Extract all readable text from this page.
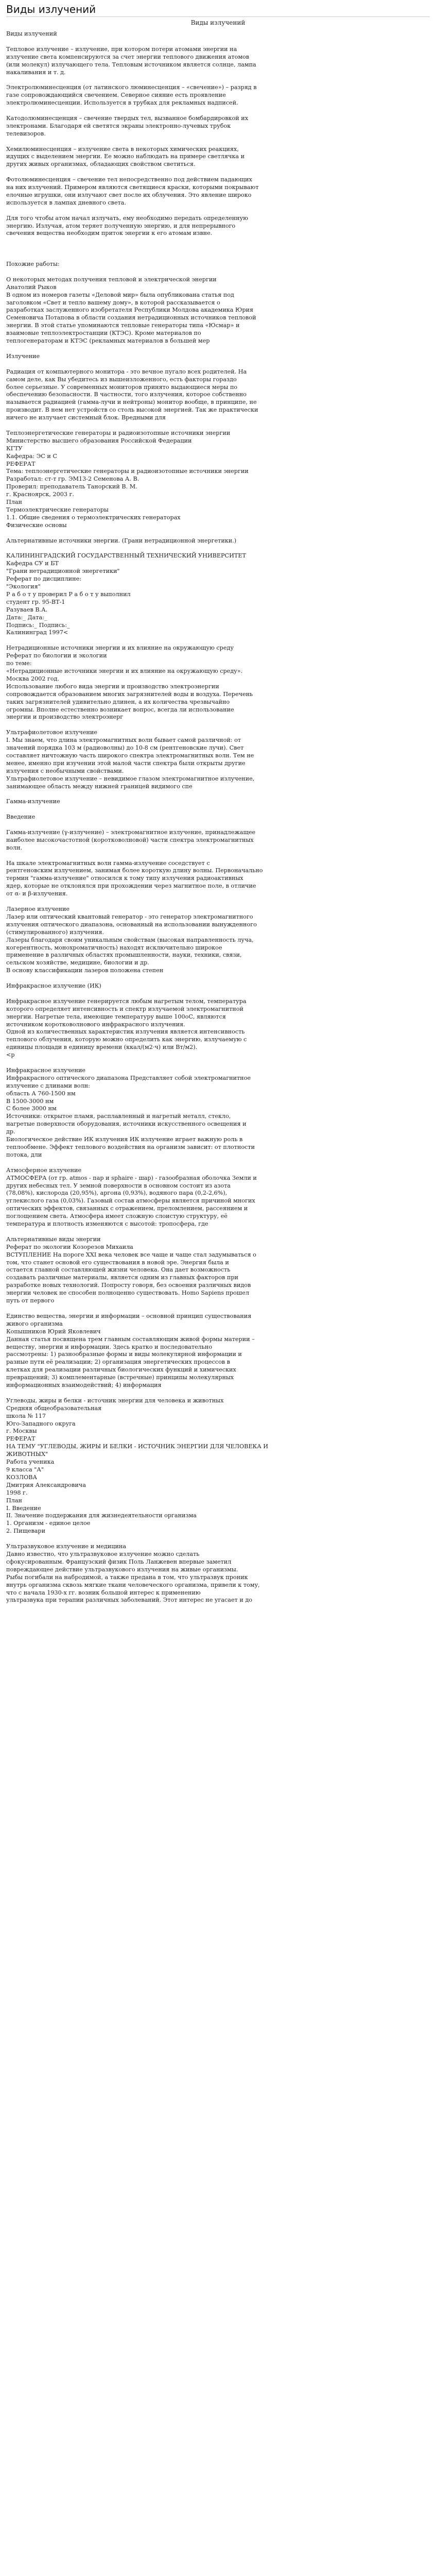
Виды излучений
Виды излучений
Виды излучений
Тепловое излучение – излучение, при котором потери атомами энергии на
излучение света компенсируются за счет энергии теплового движения атомов
(или молекул) излучающего тела. Тепловым источником является солнце, лампа
накаливания и т. д.
Электролюминесценция (от латинского люминесценция – «свечение») – разряд в
газе сопровождающийся свечением. Северное сияние есть проявление
электролюминесценции. Используется в трубках для рекламных надписей.
Катодолюминесценция – свечение твердых тел, вызванное бомбардировкой их
электронами. Благодаря ей светятся экраны электронно-лучевых трубок
телевизоров.
Хемилюминесценция – излучение света в некоторых химических реакциях,
идущих с выделением энергии. Ее можно наблюдать на примере светлячка и
других живых организмах, обладающих свойством светиться.
Фотолюминесценция – свечение тел непосредственно под действием падающих
на них излучений. Примером являются светящиеся краски, которыми покрывают
елочные игрушки, они излучают свет после их облучения. Это явление широко
используется в лампах дневного света.
Для того чтобы атом начал излучать, ему необходимо передать определенную
энергию. Излучая, атом теряет полученную энергию, и для непрерывного
свечения вещества необходим приток энергии к его атомам извне.
Похожие работы:
О некоторых методах получения тепловой и электрической энергии
Анатолий Рыков
В одном из номеров газеты «Деловой мир» была опубликована статья под
заголовком «Свет и тепло вашему дому», в которой рассказывается о
разработках заслуженного изобретателя Республики Молдова академика Юрия
Семеновича Потапова в области создания нетрадиционных источников тепловой
энергии. В этой статье упоминаются тепловые генераторы типа «Юсмар» и
взаимовые теплоэлектростанции (КТЭС). Кроме материалов по
теплогенераторам и КТЭС (рекламных материалов в большей мер
Излучение
Радиация от компьютерного монитора - это вечное пугало всех родителей. На
самом деле, как Вы убедитесь из вышеизложенного, есть факторы гораздо
более серьезные. У современных мониторов принято выдающиеся меры по
обеспечению безопасности. В частности, того излучения, которое собственно
называется радиацией (гамма-лучи и нейтроны) монитор вообще, в принципе, не
производит. В нем нет устройств со столь высокой энергией. Так же практически
ничего не излучает системный блок. Вредными для
Теплоэнергетические генераторы и радиоизотопные источники энергии
Министерство высшего образования Российской Федерации
КГТУ
Кафедра: ЭС и С
РЕФЕРАТ
Тема: теплоэнергетические генераторы и радиоизотопные источники энергии
Разработал: ст-т гр. ЭМ13-2 Семенова А. В.
Проверил: преподаватель Танорский В. М.
г. Красноярск, 2003 г.
План
Термоэлектрические генераторы
1.1. Общие сведения о термоэлектрических генераторах
Физические основы
Альтернативные источники энергии. (Грани нетрадиционной энергетики.)
КАЛИНИНГРАДСКИЙ ГОСУДАРСТВЕННЫЙ ТЕХНИЧЕСКИЙ УНИВЕРСИТЕТ
Кафедра СУ и БТ
"Грани нетрадиционной энергетики"
Реферат по дисциплине:
"Экология"
Р а б о т у проверил Р а б о т у выполнил
студент гр. 95-ВТ-1
Разуваев В.А.
Дата:_ Дата:_
Подпись:_ Подпись:_
Калининград 1997<
Нетрадиционные источники энергии и их влияние на окружающую среду
Реферат по биологии и экологии
по теме:
«Нетрадиционные источники энергии и их влияние на окружающую среду».
Москва 2002 год.
Использование любого вида энергии и производство электроэнергии
сопровождается образованием многих загрязнителей воды и воздуха. Перечень
таких загрязнителей удивительно длинен, а их количества чрезвычайно
огромны. Вполне естественно возникает вопрос, всегда ли использование
энергии и производство электроэнерг
Ультрафиолетовое излучение
I. Мы знаем, что длина электромагнитных волн бывает самой различной: от
значений порядка 103 м (радиоволны) до 10-8 см (рентгеновские лучи). Свет
составляет ничтожную часть широкого спектра электромагнитных волн. Тем не
менее, именно при изучении этой малой части спектра были открыты другие
излучения с необычными свойствами.
Ультрафиолетовое излучение – невидимое глазом электромагнитное излучение,
занимающее область между нижней границей видимого спе
Гамма-излучение
Введение
Гамма-излучение (γ-излучение) – электромагнитное излучение, принадлежащее
наиболее высокочастотной (коротковолновой) части спектра электромагнитных
волн.
На шкале электромагнитных волн гамма-излучение соседствует с
рентгеновским излучением, занимая более короткую длину волны. Первоначально
термин "гамма-излучение" относился к тому типу излучения радиоактивных
ядер, которые не отклонялся при прохождении через магнитное поле, в отличие
от α- и β-излучения.
Лазерное излучение
Лазер или оптический квантовый генератор - это генератор электромагнитного
излучения оптического диапазона, основанный на использовании вынужденного
(стимулированного) излучения.
Лазеры благодаря своим уникальным свойствам (высокая направленность луча,
когерентность, монохроматичность) находят исключительно широкое
применение в различных областях промышленности, науки, техники, связи,
сельском хозяйстве, медицине, биологии и др.
В основу классификации лазеров положена степен
Инфракрасное излучение (ИК)
Инфракрасное излучение генерируется любым нагретым телом, температура
которого определяет интенсивность и спектр излучаемой электромагнитной
энергии. Нагретые тела, имеющие температуру выше 100оС, являются
источником коротковолнового инфракрасного излучения.
Одной из количественных характеристик излучения является интенсивность
теплового облучения, которую можно определить как энергию, излучаемую с
единицы площади в единицу времени (ккал/(м2·ч) или Вт/м2).
<p
Инфракрасное излучение
Инфракрасного оптического диапазона Представляет собой электромагнитное
излучение с длинами волн:
область А 760-1500 нм
В 1500-3000 нм
С более 3000 нм
Источники: открытое пламя, расплавленный и нагретый металл, стекло,
нагретые поверхности оборудования, источники искусственного освещения и
др.
Биологическое действие ИК излучения ИК излучение играет важную роль в
теплообмене. Эффект теплового воздействия на организм зависит: от плотности
потока, дли
Атмосферное излучение
АТМОСФЕРА (от гр. atmos - пар и sphaire - шар) - газообразная оболочка Земли и
других небесных тел. У земной поверхности в основном состоит из азота
(78,08%), кислорода (20,95%), аргона (0,93%), водяного пара (0,2-2,6%),
углекислого газа (0,03%). Газовый состав атмосферы является причиной многих
оптических эффектов, связанных с отражением, преломлением, рассеянием и
поглощением света. Атмосфера имеет сложную слоистую структуру, её
температура и плотность изменяются с высотой: тропосфера, где
Альтернативные виды энергии
Реферат по экологии Козорезов Михаила
ВСТУПЛЕНИЕ На пороге XXI века человек все чаще и чаще стал задумываться о
том, что станет основой его существования в новой эре. Энергия была и
остается главной составляющей жизни человека. Она дает возможность
создавать различные материалы, является одним из главных факторов при
разработке новых технологий. Попросту говоря, без освоения различных видов
энергии человек не способен полноценно существовать. Homo Sapiens прошел
путь от первого
Единство вещества, энергии и информации – основной принцип существования
живого организма
Копышников Юрий Яковлевич
Данная статья посвящена трем главным составляющим живой формы материи –
веществу, энергии и информации. Здесь кратко и последовательно
рассмотрены: 1) разнообразные формы и виды молекулярной информации и
разные пути её реализации; 2) организация энергетических процессов в
клетках для реализации различных биологических функций и химических
превращений; 3) комплементарные (встречные) принципы молекулярных
информационных взаимодействий; 4) информация
Углеводы, жиры и белки - источник энергии для человека и животных
Средняя общеобразовательная
школа № 117
Юго-Западного округа
г. Москвы
РЕФЕРАТ
НА ТЕМУ "УГЛЕВОДЫ, ЖИРЫ И БЕЛКИ - ИСТОЧНИК ЭНЕРГИИ ДЛЯ ЧЕЛОВЕКА И
ЖИВОТНЫХ"
Работа ученика
9 класса "А"
КОЗЛОВА
Дмитрия Александровича
1998 г.
План
I. Введение
II. Значение поддержания для жизнедеятельности организма
1. Организм - единое целое
2. Пищевари
Ультразвуковое излучение и медицина
Давно известно, что ультразвуковое излучение можно сделать
сфокусированным. Французский физик Поль Ланжевен впервые заметил
повреждающее действие ультразвукового излучения на живые организмы.
Рыбы погибали на набродимой, а также предана в том, что ультразвук проник
внутрь организма сквозь мягкие ткани человеческого организма, привели к тому,
что с начала 1930-х гг. возник большой интерес к применению
ультразвука при терапии различных заболеваний. Этот интерес не угасает и до
